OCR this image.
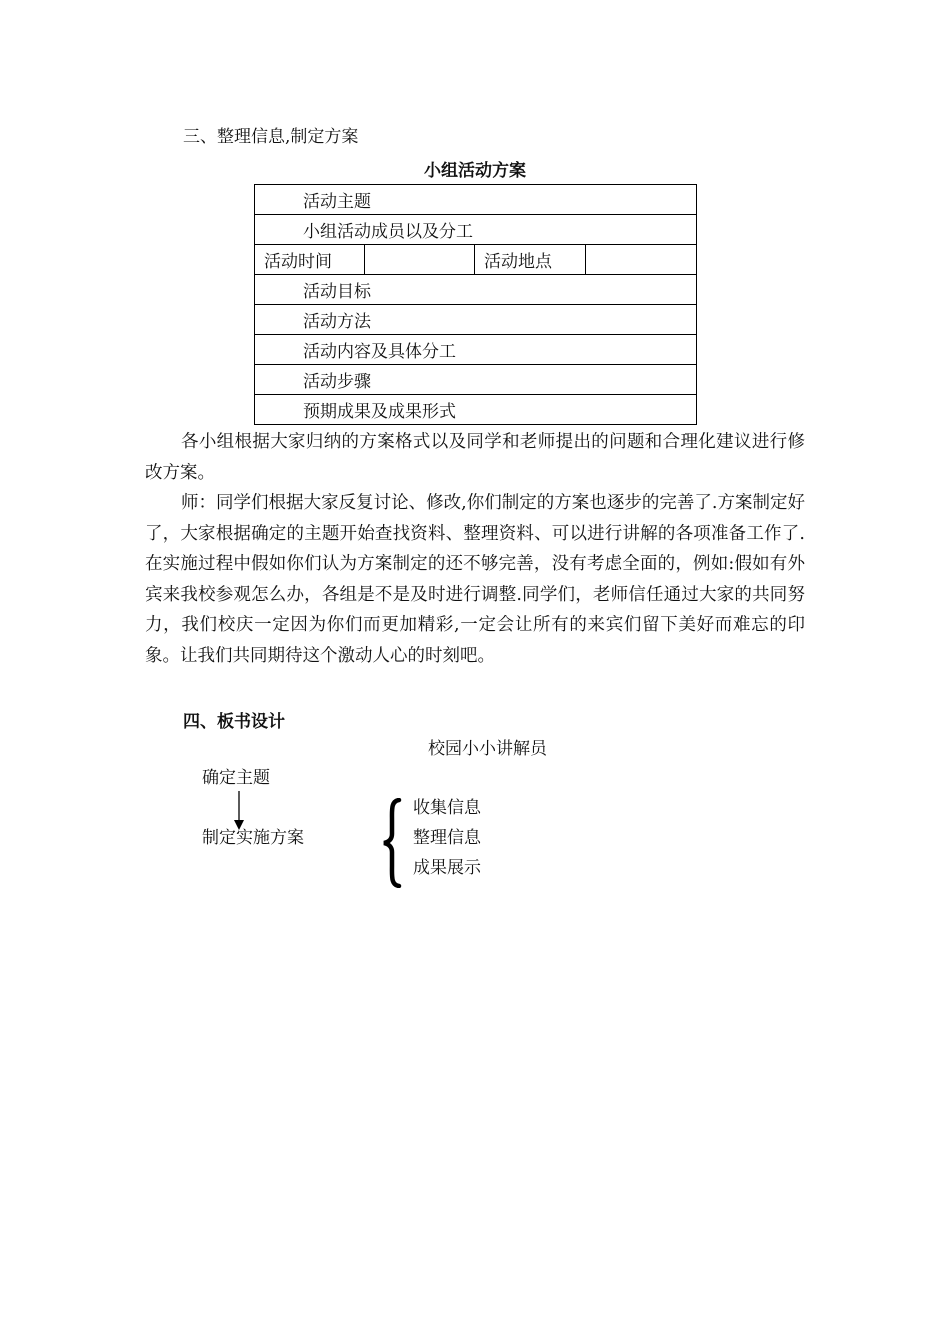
三、整理信息,制定方案
小组活动方案
活动主题
小组活动成员以及分工
活动时间		活动地点	
活动目标
活动方法
活动内容及具体分工
活动步骤
预期成果及成果形式
各小组根据大家归纳的方案格式以及同学和老师提出的问题和合理化建议进行修改方案。
师：同学们根据大家反复讨论、修改,你们制定的方案也逐步的完善了.方案制定好了，大家根据确定的主题开始查找资料、整理资料、可以进行讲解的各项准备工作了.在实施过程中假如你们认为方案制定的还不够完善，没有考虑全面的，例如:假如有外宾来我校参观怎么办，各组是不是及时进行调整.同学们，老师信任通过大家的共同努力，我们校庆一定因为你们而更加精彩,一定会让所有的来宾们留下美好而难忘的印象。让我们共同期待这个激动人心的时刻吧。
四、板书设计
校园小小讲解员
确定主题
制定实施方案
收集信息
整理信息
成果展示
